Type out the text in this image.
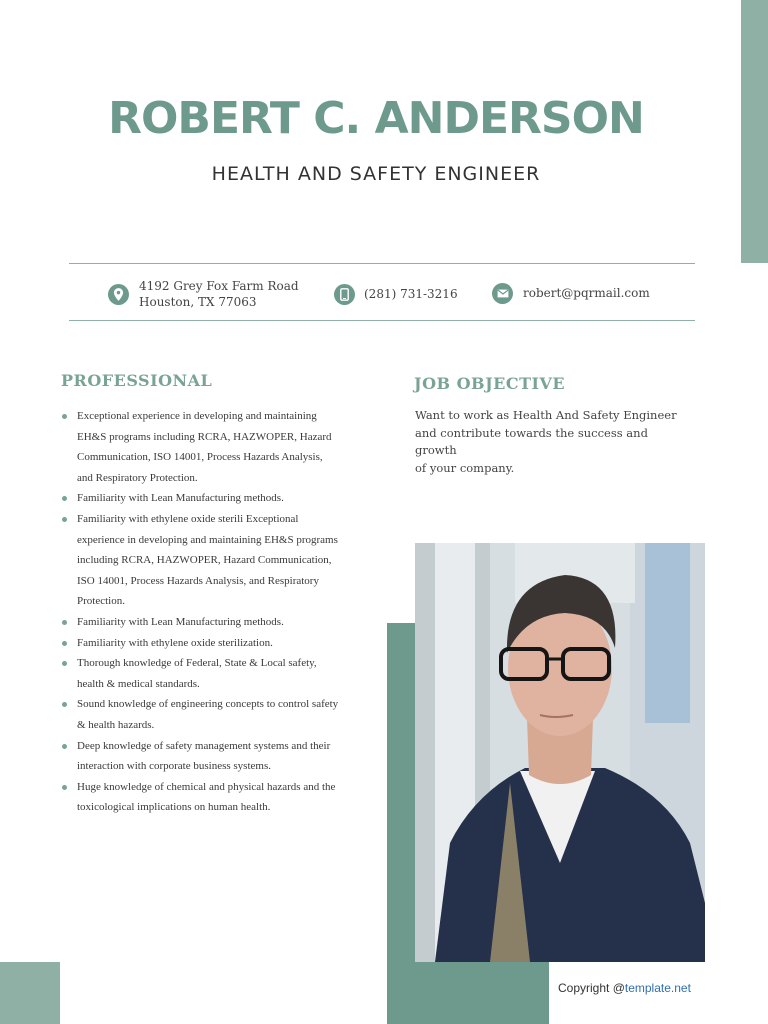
ROBERT C. ANDERSON
HEALTH AND SAFETY ENGINEER
4192 Grey Fox Farm Road
Houston, TX 77063
(281) 731-3216	robert@pqrmail.com
PROFESSIONAL
Exceptional experience in developing and maintaining
EH&S programs including RCRA, HAZWOPER, Hazard
Communication, ISO 14001, Process Hazards Analysis,
and Respiratory Protection.
Familiarity with Lean Manufacturing methods.
Familiarity with ethylene oxide sterili Exceptional
experience in developing and maintaining EH&S programs
including RCRA, HAZWOPER, Hazard Communication,
ISO 14001, Process Hazards Analysis, and Respiratory
Protection.
Familiarity with Lean Manufacturing methods.
Familiarity with ethylene oxide sterilization.
Thorough knowledge of Federal, State & Local safety,
health & medical standards.
Sound knowledge of engineering concepts to control safety
& health hazards.
Deep knowledge of safety management systems and their
interaction with corporate business systems.
Huge knowledge of chemical and physical hazards and the
toxicological implications on human health.
JOB OBJECTIVE
Want to work as Health And Safety Engineer
and contribute towards the success and growth
of your company.
Copyright @template.net
